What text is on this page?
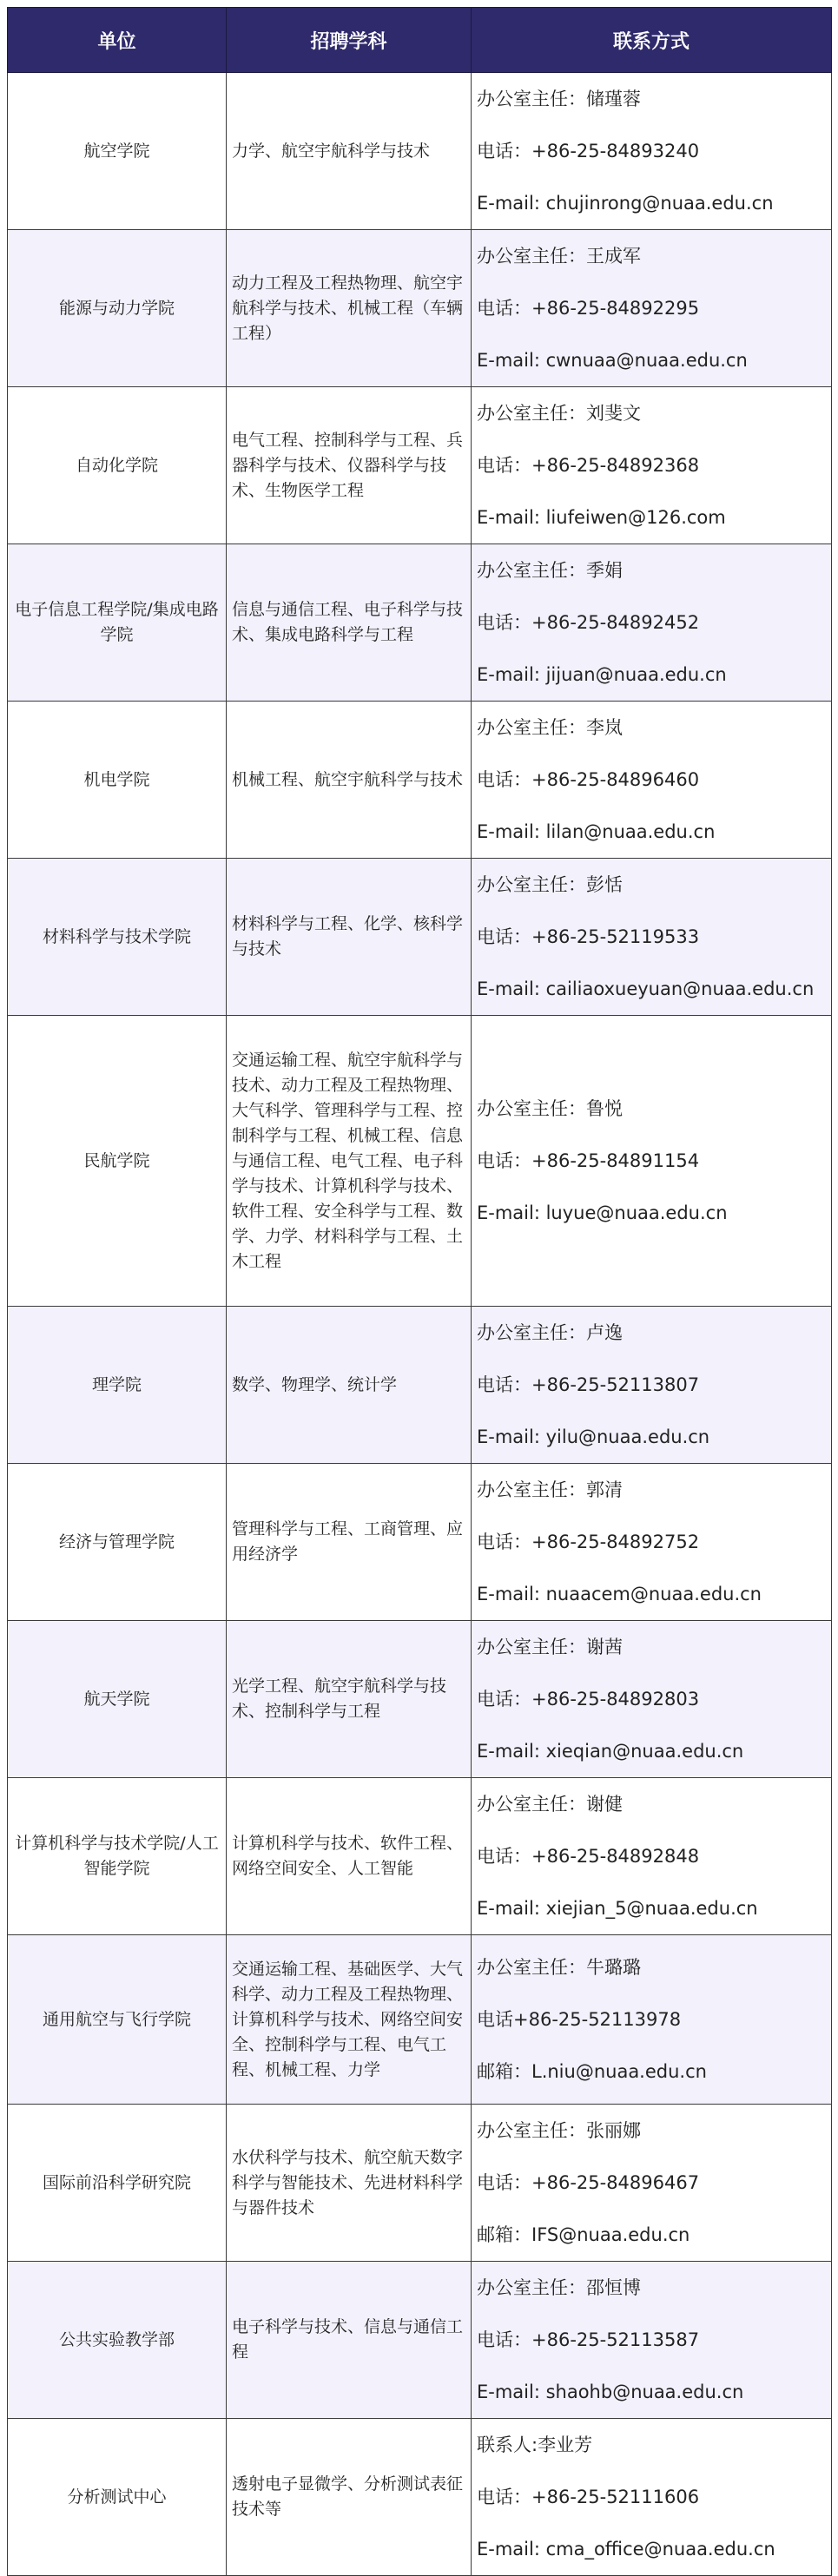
单位	招聘学科	联系方式
航空学院	力学、航空宇航科学与技术	办公室主任：储瑾蓉
电话：+86-25-84893240
E-mail: chujinrong@nuaa.edu.cn

能源与动力学院	动力工程及工程热物理、航空宇航科学与技术、机械工程（车辆工程）	办公室主任：王成军
电话：+86-25-84892295
E-mail: cwnuaa@nuaa.edu.cn

自动化学院	电气工程、控制科学与工程、兵器科学与技术、仪器科学与技术、生物医学工程	办公室主任：刘斐文
电话：+86-25-84892368
E-mail: liufeiwen@126.com

电子信息工程学院/集成电路学院	信息与通信工程、电子科学与技术、集成电路科学与工程	办公室主任：季娟
电话：+86-25-84892452
E-mail: jijuan@nuaa.edu.cn

机电学院	机械工程、航空宇航科学与技术	办公室主任：李岚
电话：+86-25-84896460
E-mail: lilan@nuaa.edu.cn

材料科学与技术学院	材料科学与工程、化学、核科学与技术	办公室主任：彭恬
电话：+86-25-52119533
E-mail: cailiaoxueyuan@nuaa.edu.cn

民航学院	交通运输工程、航空宇航科学与技术、动力工程及工程热物理、大气科学、管理科学与工程、控制科学与工程、机械工程、信息与通信工程、电气工程、电子科学与技术、计算机科学与技术、软件工程、安全科学与工程、数学、力学、材料科学与工程、土木工程	办公室主任：鲁悦
电话：+86-25-84891154
E-mail: luyue@nuaa.edu.cn

理学院	数学、物理学、统计学	办公室主任：卢逸
电话：+86-25-52113807
E-mail: yilu@nuaa.edu.cn

经济与管理学院	管理科学与工程、工商管理、应用经济学	办公室主任：郭清
电话：+86-25-84892752
E-mail: nuaacem@nuaa.edu.cn

航天学院	光学工程、航空宇航科学与技术、控制科学与工程	办公室主任：谢茜
电话：+86-25-84892803
E-mail: xieqian@nuaa.edu.cn

计算机科学与技术学院/人工智能学院	计算机科学与技术、软件工程、网络空间安全、人工智能	办公室主任：谢健
电话：+86-25-84892848
E-mail: xiejian_5@nuaa.edu.cn

通用航空与飞行学院	交通运输工程、基础医学、大气科学、动力工程及工程热物理、计算机科学与技术、网络空间安全、控制科学与工程、电气工程、机械工程、力学	办公室主任：牛璐璐
电话+86-25-52113978
邮箱：L.niu@nuaa.edu.cn

国际前沿科学研究院	水伏科学与技术、航空航天数字科学与智能技术、先进材料科学与器件技术	办公室主任：张丽娜
电话：+86-25-84896467
邮箱：IFS@nuaa.edu.cn

公共实验教学部	电子科学与技术、信息与通信工程	办公室主任：邵恒博
电话：+86-25-52113587
E-mail: shaohb@nuaa.edu.cn

分析测试中心	透射电子显微学、分析测试表征技术等	联系人:李业芳
电话：+86-25-52111606
E-mail: cma_office@nuaa.edu.cn
